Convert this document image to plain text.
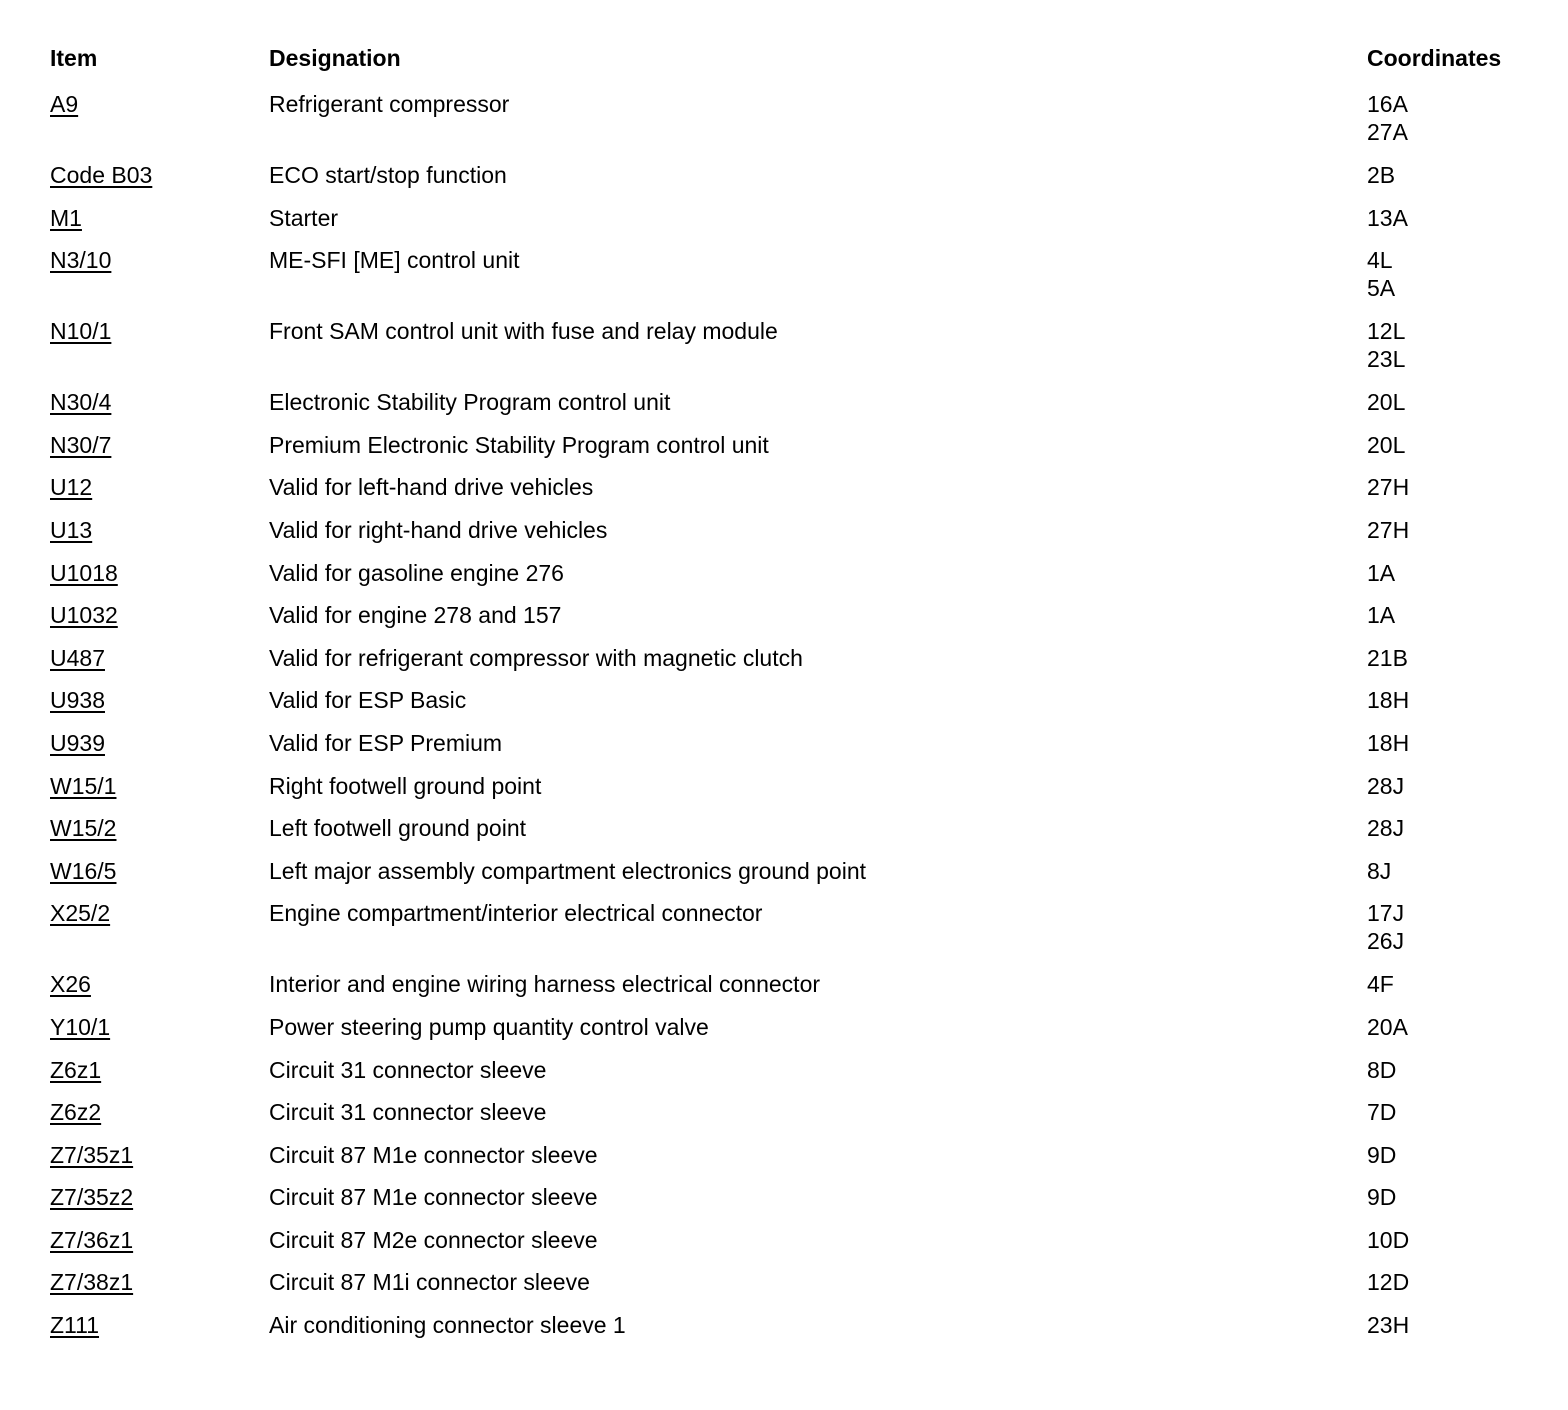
Item	Designation	Coordinates
A9	Refrigerant compressor	16A
27A
Code B03	ECO start/stop function	2B
M1	Starter	13A
N3/10	ME-SFI [ME] control unit	4L
5A
N10/1	Front SAM control unit with fuse and relay module	12L
23L
N30/4	Electronic Stability Program control unit	20L
N30/7	Premium Electronic Stability Program control unit	20L
U12	Valid for left-hand drive vehicles	27H
U13	Valid for right-hand drive vehicles	27H
U1018	Valid for gasoline engine 276	1A
U1032	Valid for engine 278 and 157	1A
U487	Valid for refrigerant compressor with magnetic clutch	21B
U938	Valid for ESP Basic	18H
U939	Valid for ESP Premium	18H
W15/1	Right footwell ground point	28J
W15/2	Left footwell ground point	28J
W16/5	Left major assembly compartment electronics ground point	8J
X25/2	Engine compartment/interior electrical connector	17J
26J
X26	Interior and engine wiring harness electrical connector	4F
Y10/1	Power steering pump quantity control valve	20A
Z6z1	Circuit 31 connector sleeve	8D
Z6z2	Circuit 31 connector sleeve	7D
Z7/35z1	Circuit 87 M1e connector sleeve	9D
Z7/35z2	Circuit 87 M1e connector sleeve	9D
Z7/36z1	Circuit 87 M2e connector sleeve	10D
Z7/38z1	Circuit 87 M1i connector sleeve	12D
Z111	Air conditioning connector sleeve 1	23H
